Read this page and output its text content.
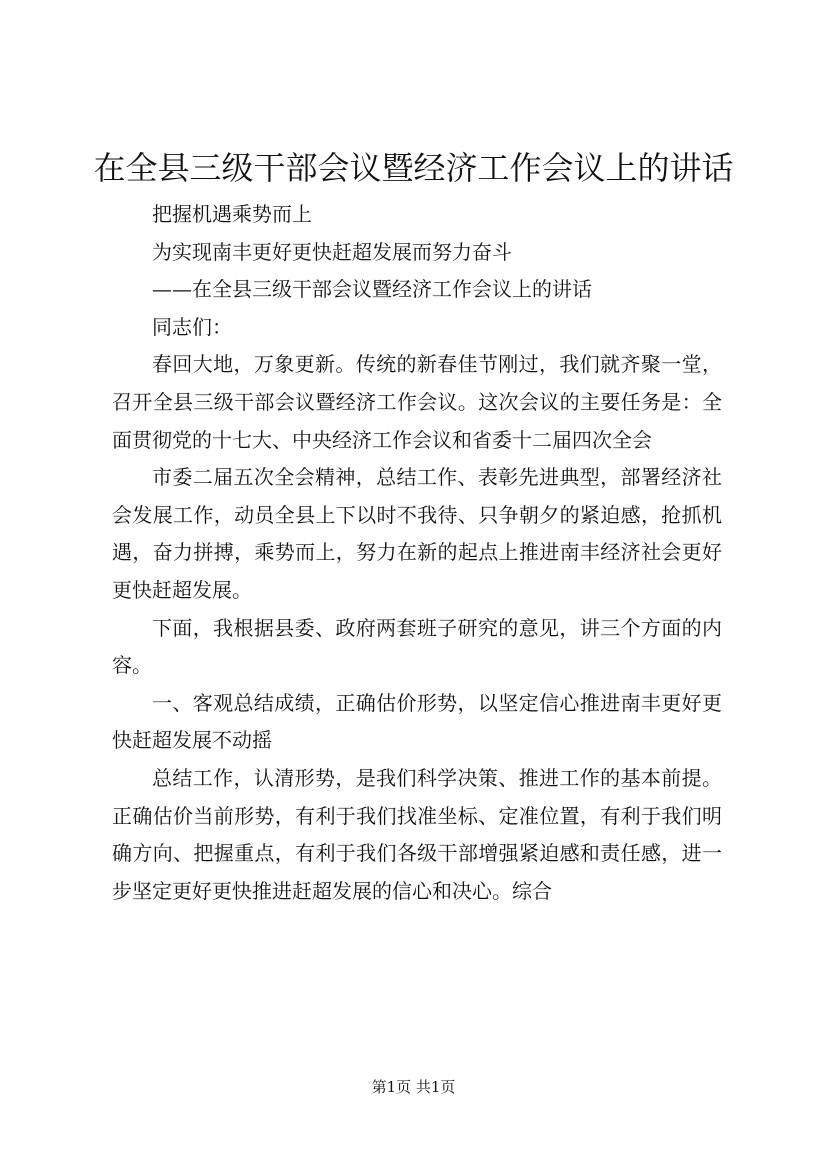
在全县三级干部会议暨经济工作会议上的讲话

把握机遇乘势而上

为实现南丰更好更快赶超发展而努力奋斗

——在全县三级干部会议暨经济工作会议上的讲话

同志们：

春回大地，万象更新。传统的新春佳节刚过，我们就齐聚一堂，召开全县三级干部会议暨经济工作会议。这次会议的主要任务是：全面贯彻党的十七大、中央经济工作会议和省委十二届四次全会

市委二届五次全会精神，总结工作、表彰先进典型，部署经济社会发展工作，动员全县上下以时不我待、只争朝夕的紧迫感，抢抓机遇，奋力拼搏，乘势而上，努力在新的起点上推进南丰经济社会更好更快赶超发展。

下面，我根据县委、政府两套班子研究的意见，讲三个方面的内容。

一、客观总结成绩，正确估价形势，以坚定信心推进南丰更好更快赶超发展不动摇

总结工作，认清形势，是我们科学决策、推进工作的基本前提。正确估价当前形势，有利于我们找准坐标、定准位置，有利于我们明确方向、把握重点，有利于我们各级干部增强紧迫感和责任感，进一步坚定更好更快推进赶超发展的信心和决心。综合

第1页 共1页
